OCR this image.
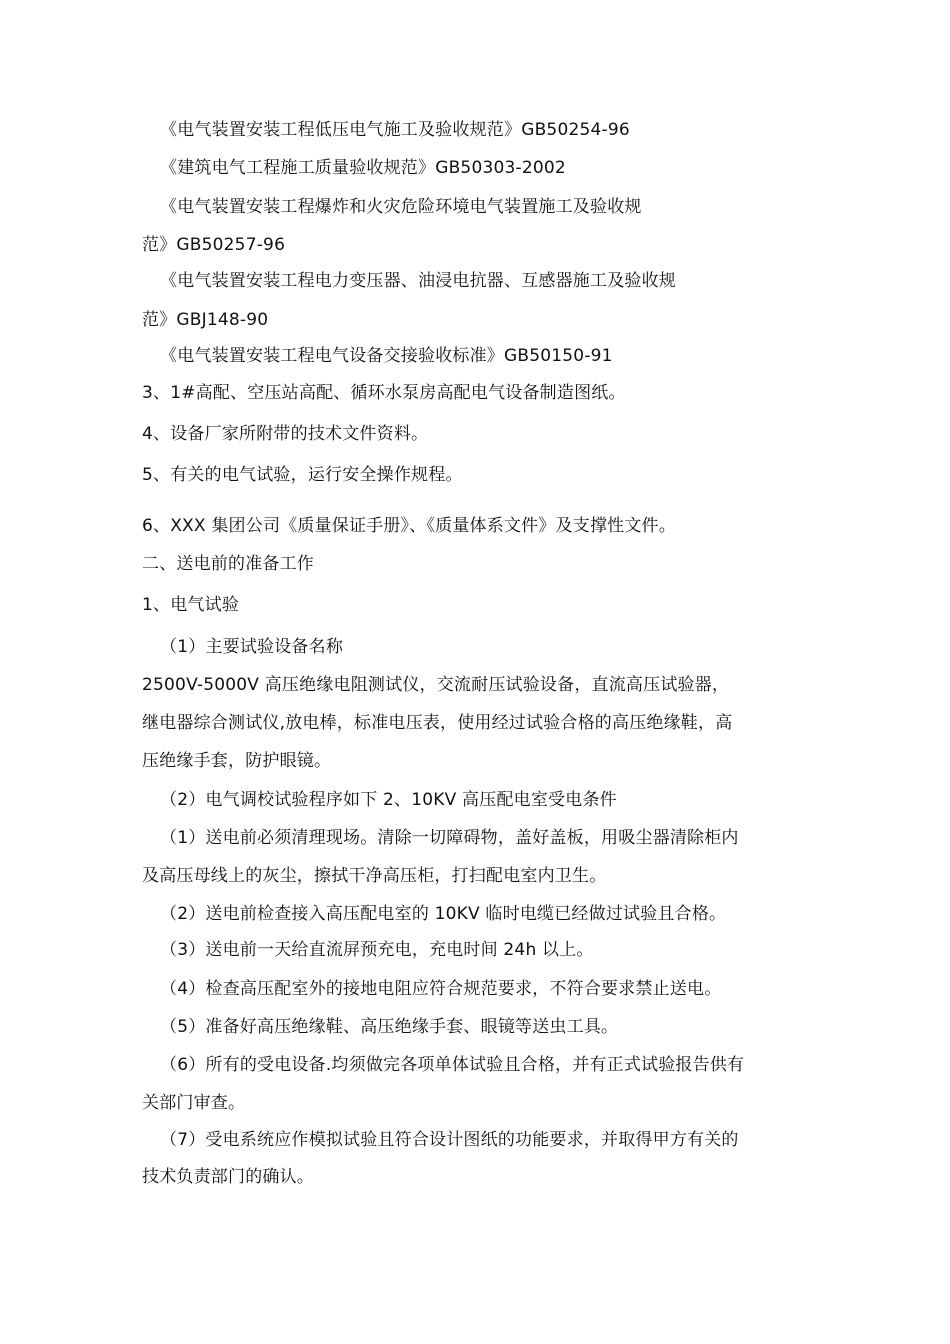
《电气装置安装工程低压电气施工及验收规范》GB50254-96
《建筑电气工程施工质量验收规范》GB50303-2002
《电气装置安装工程爆炸和火灾危险环境电气装置施工及验收规
范》GB50257-96
《电气装置安装工程电力变压器、油浸电抗器、互感器施工及验收规
范》GBJ148-90
《电气装置安装工程电气设备交接验收标准》GB50150-91
3、1#高配、空压站高配、循环水泵房高配电气设备制造图纸。
4、设备厂家所附带的技术文件资料。
5、有关的电气试验，运行安全操作规程。
6、XXX 集团公司《质量保证手册》、《质量体系文件》及支撑性文件。
二、送电前的准备工作
1、电气试验
（1）主要试验设备名称
2500V-5000V 高压绝缘电阻测试仪，交流耐压试验设备，直流高压试验器，
继电器综合测试仪,放电棒，标准电压表，使用经过试验合格的高压绝缘鞋，高
压绝缘手套，防护眼镜。
（2）电气调校试验程序如下 2、10KV 高压配电室受电条件
（1）送电前必须清理现场。清除一切障碍物，盖好盖板，用吸尘器清除柜内
及高压母线上的灰尘，擦拭干净高压柜，打扫配电室内卫生。
（2）送电前检查接入高压配电室的 10KV 临时电缆已经做过试验且合格。
（3）送电前一天给直流屏预充电，充电时间 24h 以上。
（4）检查高压配室外的接地电阻应符合规范要求，不符合要求禁止送电。
（5）准备好高压绝缘鞋、高压绝缘手套、眼镜等送虫工具。
（6）所有的受电设备.均须做完各项单体试验且合格，并有正式试验报告供有
关部门审查。
（7）受电系统应作模拟试验且符合设计图纸的功能要求，并取得甲方有关的
技术负责部门的确认。
